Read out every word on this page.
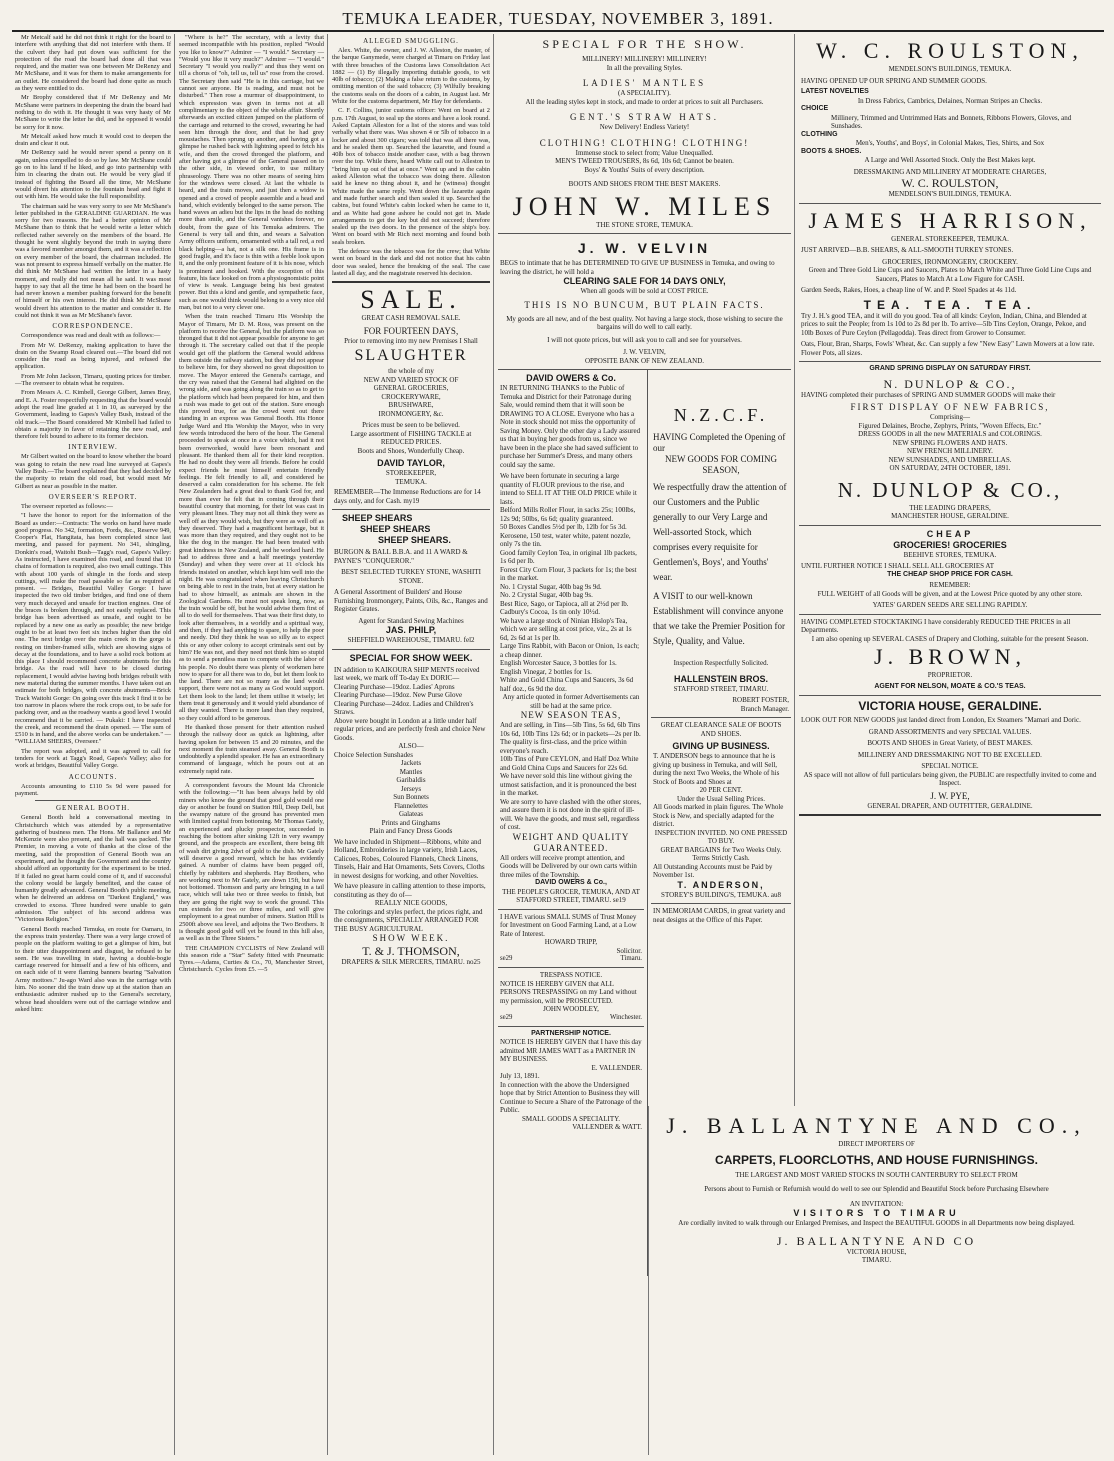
TEMUKA LEADER, TUESDAY, NOVEMBER 3, 1891.

Mr Metcalf said he did not think it right for the board to interfere with anything that did not interfere with them. If the culvert they had put down was sufficient for the protection of the road the board had done all that was required, and the matter was one between Mr DeRenzy and Mr McShane, and it was for them to make arrangements for an outlet. He considered the board had done quite as much as they were entitled to do.

Mr Brophy considered that if Mr DeRenzy and Mr McShane were partners in deepening the drain the board had nothing to do with it. He thought it was very hasty of Mr McShane to write the letter he did, and he opposed it would be sorry for it now.

Mr Metcalf asked how much it would cost to deepen the drain and clear it out.

Mr DeRenzy said he would never spend a penny on it again, unless compelled to do so by law. Mr McShane could go on to his land if he liked, and go into partnership with him in clearing the drain out. He would be very glad if instead of fighting the Board all the time, Mr McShane would divert his attention to the fountain head and fight it out with him. He would take the full responsibility.

The chairman said he was very sorry to see Mr McShane's letter published in the GERALDINE GUARDIAN. He was sorry for two reasons. He had a better opinion of Mr McShane than to think that he would write a letter which reflected rather severely on the members of the board. He thought he went slightly beyond the truth in saying there was a favored member amongst them, and it was a reflection on every member of the board, the chairman included. He was not present to express himself verbally on the matter. He did think Mr McShane had written the letter in a hasty moment, and really did not mean all he said. It was most happy to say that all the time he had been on the board he had never known a member pushing forward for the benefit of himself or his own interest. He did think Mr McShane would divert his attention to the matter and consider it. He could not think it was as Mr McShane's favor.

CORRESPONDENCE.

Correspondence was read and dealt with as follows:—

From Mr W. DeRenzy, making application to have the drain on the Swamp Road cleared out.—The board did not consider the road as being injured, and refused the application.

From Mr John Jackson, Timaru, quoting prices for timber.—The overseer to obtain what he requires.

From Messrs A. C. Kimbell, George Gilbert, James Bray, and E. A. Foster respectfully requesting that the board would adopt the road line graded at 1 in 10, as surveyed by the Government, leading to Gapes's Valley Bush, instead of the old track.—The Board considered Mr Kimbell had failed to obtain a majority in favor of retaining the new road, and therefore felt bound to adhere to its former decision.

INTERVIEW.

Mr Gilbert waited on the board to know whether the board was going to retain the new road line surveyed at Gapes's Valley Bush.—The board explained that they had decided by the majority to retain the old road, but would meet Mr Gilbert as near as possible in the matter.

OVERSEER'S REPORT.

The overseer reported as follows:—

"I have the honor to report for the information of the Board as under:—Contracts: The works on hand have made good progress. No 342, formation, Fords, &c., Reserve 949, Cooper's Flat, Hangitata, has been completed since last meeting, and passed for payment. No 341, shingling, Donkin's road, Waitohi Bush—Tagg's road, Gapes's Valley: As instructed, I have examined this road, and found that 10 chains of formation is required, also two small cuttings. This with about 100 yards of shingle in the fords and steep cuttings, will make the road passable so far as required at present. — Bridges, Beautiful Valley Gorge: I have inspected the two old timber bridges, and find one of them very much decayed and unsafe for traction engines. One of the braces is broken through, and not easily replaced. This bridge has been advertised as unsafe, and ought to be replaced by a new one as early as possible; the new bridge ought to be at least two feet six inches higher than the old one. The next bridge over the main creek in the gorge is resting on timber-framed sills, which are showing signs of decay at the foundations, and to have a solid rock bottom at this place I should recommend concrete abutments for this bridge. As the road will have to be closed during replacement, I would advise having both bridges rebuilt with new material during the summer months. I have taken out an estimate for both bridges, with concrete abutments—Brick Track Waitohi Gorge: On going over this track I find it to be too narrow in places where the rock crops out, to be safe for packing over, and as the roadway wants a good level I would recommend that it be carried. — Pukaki: I have inspected the creek, and recommend the drain opened. — The sum of £510 is in hand, and the above works can be undertaken." — "WILLIAM SHEERS, Overseer."

The report was adopted, and it was agreed to call for tenders for work at Tagg's Road, Gapes's Valley; also for work at bridges, Beautiful Valley Gorge.

ACCOUNTS.

Accounts amounting to £110 5s 9d were passed for payment.

GENERAL BOOTH.

General Booth held a conversational meeting in Christchurch which was attended by a representative gathering of business men. The Hons. Mr Ballance and Mr McKenzie were also present, and the hall was packed. The Premier, in moving a vote of thanks at the close of the meeting, said the proposition of General Booth was an experiment, and he thought the Government and the country should afford an opportunity for the experiment to be tried. If it failed no great harm could come of it, and if successful the colony would be largely benefited, and the cause of humanity greatly advanced. General Booth's public meeting, when he delivered an address on "Darkest England," was crowded to excess. Three hundred were unable to gain admission. The subject of his second address was "Victorious Religion."

General Booth reached Temuka, en route for Oamaru, in the express train yesterday. There was a very large crowd of people on the platform waiting to get a glimpse of him, but to their utter disappointment and disgust, he refused to be seen. He was travelling in state, having a double-bogie carriage reserved for himself and a few of his officers, and on each side of it were flaming banners bearing "Salvation Army mottoes." Ju-ago Ward also was in the carriage with him. No sooner did the train draw up at the station than an enthusiastic admirer rushed up to the General's secretary, whose head shoulders were out of the carriage window and asked him:

"Where is he?" The secretary, with a levity that seemed incompatible with his position, replied "Would you like to know?" Admirer — "I would." Secretary — "Would you like it very much?" Admirer — "I would." Secretary "I would you really?" and thus they went on till a chorus of "oh, tell us, tell us" rose from the crowd. The Secretary then said "He is in this carriage, but we cannot see anyone. He is reading, and must not be disturbed." Then rose a murmur of disappointment, to which expression was given in terms not at all complimentary to the object of the whole affair. Shortly afterwards an excited citizen jumped on the platform of the carriage and returned to the crowd, swearing he had seen him through the door, and that he had grey moustaches. Then sprung up another, and having got a glimpse he rushed back with lightning speed to fetch his wife, and then the crowd thronged the platform, and after having got a glimpse of the General passed on to the other side, in viewed order, to use military phraseology. There was no other means of seeing him for the windows were closed. At last the whistle is heard, and the train moves, and just then a widow is opened and a crowd of people assemble and a head and hand, which evidently belonged to the same person. The hand waves an adieu but the lips in the head do nothing more than smile, and the General vanishes forever, no doubt, from the gaze of his Temuka admirers. The General is very tall and thin, and wears a Salvation Army officers uniform, ornamented with a tall red, a red black helping—a hat, not a silk one. His frame is in good fragile, and it's face is thin with a feeble look upon it, and the only prominent feature of it is his nose, which is prominent and hooked. With the exception of this feature, his face looked on from a physiognomistic point of view is weak. Language being his best greatest power. But this a kind and gentle, and sympathetic face, such as one would think would belong to a very nice old man, but not to a very clever one.

When the train reached Timaru His Worship the Mayor of Timaru, Mr D. M. Ross, was present on the platform to receive the General, but the platform was so thronged that it did not appear possible for anyone to get through it. The secretary called out that if the people would get off the platform the General would address them outside the railway station, but they did not appear to believe him, for they showed no great disposition to move. The Mayor entered the General's carriage, and the cry was raised that the General had alighted on the wrong side, and was going along the train so as to get to the platform which had been prepared for him, and then a rush was made to get out of the station. Sure enough this proved true, for as the crowd went out there standing in an express was General Booth. His Honor Judge Ward and His Worship the Mayor, who in very few words introduced the hero of the hour. The General proceeded to speak at once in a voice which, had it not been overworked, would have been resonant and pleasant. He thanked them all for their kind reception. He had no doubt they were all friends. Before he could expect friends he must himself entertain friendly feelings. He felt friendly to all, and considered he deserved a calm consideration for his scheme. He felt New Zealanders had a great deal to thank God for, and more than ever he felt that in coming through their beautiful country that morning, for their lot was cast in very pleasant lines. They may not all think they were as well off as they would wish, but they were as well off as they deserved. They had a magnificent heritage, but it was more than they required, and they ought not to be like the dog in the manger. He had been treated with great kindness in New Zealand, and he worked hard. He had to address three and a half meetings yesterday (Sunday) and when they were over at 11 o'clock his friends insisted on another, which kept him well into the night. He was congratulated when leaving Christchurch on being able to rest in the train, but at every station he had to show himself, as animals are shown in the Zoological Gardens. He must not speak long, now, as the train would be off, but he would advise them first of all to do well for themselves. That was their first duty, to look after themselves, in a worldly and a spiritual way, and then, if they had anything to spare, to help the poor and needy. Did they think he was so silly as to expect this or any other colony to accept criminals sent out by him? He was not, and they need not think him so stupid as to send a penniless man to compete with the labor of his people. No doubt there was plenty of workmen here now to spare for all there was to do, but let them look to the land. There are not so many as the land would support, there were not as many as God would support. Let them look to the land; let them utilise it wisely; let them treat it generously and it would yield abundance of all they wanted. There is more land than they required, so they could afford to be generous.

He thanked those present for their attention rushed through the railway door as quick as lightning, after having spoken for between 15 and 20 minutes, and the next moment the train steamed away. General Booth is undoubtedly a splendid speaker. He has an extraordinary command of language, which he pours out at an extremely rapid rate.

A correspondent favours the Mount Ida Chronicle with the following:—"It has been always held by old miners who know the ground that good gold would one day or another be found on Station Hill, Deep Dell, but the swampy nature of the ground has prevented men with limited capital from bottoming. Mr Thomas Gately, an experienced and plucky prospector, succeeded in reaching the bottom after sinking 12ft in very swampy ground, and the prospects are excellent, there being 8ft of wash dirt giving 2dwt of gold to the dish. Mr Gately will deserve a good reward, which he has evidently gained. A number of claims have been pegged off, chiefly by rabbiters and shepherds. Hay Brothers, who are working next to Mr Gately, are down 15ft, but have not bottomed. Thomson and party are bringing in a tail race, which will take two or three weeks to finish, but they are going the right way to work the ground. This run extends for two or three miles, and will give employment to a great number of miners. Station Hill is 2500ft above sea level, and adjoins the Two Brothers. It is thought good gold will yet be found in this hill also, as well as in the Three Sisters."

THE CHAMPION CYCLISTS of New Zealand will this season ride a "Star" Safety fitted with Pneumatic Tyres.—Adams, Curties & Co., 70, Manchester Street, Christchurch. Cycles from £5. —5

ALLEGED SMUGGLING.

Alex. White, the owner, and J. W. Alleston, the master, of the barque Ganymede, were charged at Timaru on Friday last with three breaches of the Customs laws Consolidation Act 1882 — (1) By illegally importing dutiable goods, to wit 40lb of tobacco; (2) Making a false return to the customs, by omitting mention of the said tobacco; (3) Wilfully breaking the customs seals on the doors of a cabin, in August last. Mr White for the customs department, Mr Hay for defendants.

C. F. Collins, junior customs officer: Went on board at 2 p.m. 17th August, to seal up the stores and have a look round. Asked Captain Alleston for a list of the stores and was told verbally what there was. Was shown 4 or 5lb of tobacco in a locker and about 300 cigars; was told that was all there was, and he sealed them up. Searched the lazarette, and found a 40lb box of tobacco inside another case, with a bag thrown over the top. While there, heard White call out to Alleston to "bring him up out of that at once." Went up and in the cabin asked Alleston what the tobacco was doing there. Alleston said he knew no thing about it, and he (witness) thought White made the same reply. Went down the lazarette again and made further search and then sealed it up. Searched the cabins, but found White's cabin locked when he came to it, and as White had gone ashore he could not get in. Made arrangements to get the key but did not succeed; therefore sealed up the two doors. In the presence of the ship's boy. Went on board with Mr Rich next morning and found both seals broken.

The defence was the tobacco was for the crew; that White went on board in the dark and did not notice that his cabin door was sealed, hence the breaking of the seal. The case lasted all day, and the magistrate reserved his decision.

SALE.
GREAT CASH REMOVAL SALE.
FOR FOURTEEN DAYS,
Prior to removing into my new Premises I Shall
SLAUGHTER
the whole of my
NEW AND VARIED STOCK OF
GENERAL GROCERIES,
CROCKERYWARE,
BRUSHWARE,
IRONMONGERY, &c.
Prices must be seen to be believed.
Large assortment of FISHING TACKLE at REDUCED PRICES.
Boots and Shoes, Wonderfully Cheap.
DAVID TAYLOR,
STOREKEEPER,
TEMUKA.
REMEMBER—The Immense Reductions are for 14 days only, and for Cash. my19
SHEEP SHEARS
SHEEP SHEARS
SHEEP SHEARS.
BURGON & BALL B.B.A. and 11 A WARD & PAYNE'S "CONQUEROR."
BEST SELECTED TURKEY STONE, WASHITI STONE.
A General Assortment of Builders' and House Furnishing Ironmongery, Paints, Oils, &c., Ranges and Register Grates.
Agent for Standard Sewing Machines
JAS. PHILP,
SHEFFIELD WAREHOUSE, TIMARU. fel2
SPECIAL FOR SHOW WEEK.
IN addition to KAIKOURA SHIP MENTS received last week, we mark off To-day Ex DORIC—
Clearing Purchase—19doz. Ladies' Aprons
Clearing Purchase—19doz. New Purse Glove
Clearing Purchase—24doz. Ladies and Children's Straws.
Above were bought in London at a little under half regular prices, and are perfectly fresh and choice New Goods.
ALSO—
Choice Selection Sunshades
Jackets
Mantles
Garibaldis
Jerseys
Sun Bonnets
Flannelettes
Galateas
Prints and Ginghams
Plain and Fancy Dress Goods
We have included in Shipment—Ribbons, white and Holland, Embroideries in large variety, Irish Laces, Calicoes, Robes, Coloured Flannels, Check Linens, Tinsels, Hair and Hat Ornaments, Sets Covers, Cloths in newest designs for working, and other Novelties.
We have pleasure in calling attention to these imports, constituting as they do of—
REALLY NICE GOODS,
The colorings and styles perfect, the prices right, and the consignments, SPECIALLY ARRANGED FOR THE BUSY AGRICULTURAL
SHOW WEEK.
T. & J. THOMSON,
DRAPERS & SILK MERCERS, TIMARU. no25
SPECIAL FOR THE SHOW.
MILLINERY! MILLINERY! MILLINERY!
In all the prevailing Styles.
LADIES' MANTLES
(A SPECIALITY).
All the leading styles kept in stock, and made to order at prices to suit all Purchasers.
GENT.'S STRAW HATS.
New Delivery! Endless Variety!
CLOTHING! CLOTHING! CLOTHING!
Immense stock to select from; Value Unequalled.
MEN'S TWEED TROUSERS, 8s 6d, 10s 6d; Cannot be beaten.
Boys' & Youths' Suits of every description.
BOOTS AND SHOES FROM THE BEST MAKERS.
JOHN W. MILES
THE STONE STORE, TEMUKA.
J. W. VELVIN
BEGS to intimate that he has DETERMINED TO GIVE UP BUSINESS in Temuka, and owing to leaving the district, he will hold a
CLEARING SALE FOR 14 DAYS ONLY,
When all goods will be sold at COST PRICE.
THIS IS NO BUNCUM, BUT PLAIN FACTS.
My goods are all new, and of the best quality. Not having a large stock, those wishing to secure the bargains will do well to call early.
I will not quote prices, but will ask you to call and see for yourselves.
J. W. VELVIN,
OPPOSITE BANK OF NEW ZEALAND.
DAVID OWERS & Co.
IN RETURNING THANKS to the Public of Temuka and District for their Patronage during Sale, would remind them that it will soon be DRAWING TO A CLOSE. Everyone who has a Note in stock should not miss the opportunity of Saving Money. Only the other day a Lady assured us that in buying her goods from us, since we have been in the place she had saved sufficient to purchase her Summer's Dress, and many others could say the same.
We have been fortunate in securing a large quantity of FLOUR previous to the rise, and intend to SELL IT AT THE OLD PRICE while it lasts.
Belford Mills Roller Flour, in sacks 25s; 100lbs, 12s 9d; 50lbs, 6s 6d; quality guaranteed.
50 Boxes Candles 5½d per lb, 12lb for 5s 3d.
Kerosene, 150 test, water white, patent nozzle, only 7s the tin.
Good family Ceylon Tea, in original 1lb packets, 1s 6d per lb.
Forest City Corn Flour, 3 packets for 1s; the best in the market.
No. 1 Crystal Sugar, 40lb bag 9s 9d.
No. 2 Crystal Sugar, 40lb bag 9s.
Best Rice, Sago, or Tapioca, all at 2½d per lb.
Cadbury's Cocoa, 1s tin only 10½d.
We have a large stock of Ninian Hislop's Tea, which we are selling at cost price, viz., 2s at 1s 6d, 2s 6d at 1s per lb.
Large Tins Rabbit, with Bacon or Onion, 1s each; a cheap dinner.
English Worcester Sauce, 3 bottles for 1s.
English Vinegar, 2 bottles for 1s.
White and Gold China Cups and Saucers, 3s 6d half doz., 6s 9d the doz.
Any article quoted in former Advertisements can still be had at the same price.
NEW SEASON TEAS,
And are selling, in Tins—5lb Tins, 5s 6d, 6lb Tins 10s 6d, 10lb Tins 12s 6d; or in packets—2s per lb.
The quality is first-class, and the price within everyone's reach.
10lb Tins of Pure CEYLON, and Half Doz White and Gold China Cups and Saucers for 22s 6d.
We have never sold this line without giving the utmost satisfaction, and it is pronounced the best in the market.
We are sorry to have clashed with the other stores, and assure them it is not done in the spirit of ill-will. We have the goods, and must sell, regardless of cost.
WEIGHT AND QUALITY GUARANTEED.
All orders will receive prompt attention, and Goods will be Delivered by our own carts within three miles of the Township.
DAVID OWERS & Co.,
THE PEOPLE'S GROCER, TEMUKA, AND AT STAFFORD STREET, TIMARU. se19
I HAVE various SMALL SUMS of Trust Money for Investment on Good Farming Land, at a Low Rate of Interest.
HOWARD TRIPP,
Solicitor.
se29	Timaru.
TRESPASS NOTICE.
NOTICE IS HEREBY GIVEN that ALL PERSONS TRESPASSING on my Land without my permission, will be PROSECUTED.
JOHN WOODLEY,
se29	Winchester.
PARTNERSHIP NOTICE.
NOTICE IS HEREBY GIVEN that I have this day admitted MR JAMES WATT as a PARTNER IN MY BUSINESS.
E. VALLENDER.
July 13, 1891.
In connection with the above the Undersigned hope that by Strict Attention to Business they will Continue to Secure a Share of the Patronage of the Public.
SMALL GOODS A SPECIALITY.
VALLENDER & WATT.
N.Z.C.F.
HAVING Completed the Opening of our
NEW GOODS FOR COMING SEASON,
We respectfully draw the attention of our Customers and the Public generally to our Very Large and Well-assorted Stock, which comprises every requisite for Gentlemen's, Boys', and Youths' wear.
A VISIT to our well-known Establishment will convince anyone that we take the Premier Position for Style, Quality, and Value.
Inspection Respectfully Solicited.
HALLENSTEIN BROS.
STAFFORD STREET, TIMARU.
ROBERT FOSTER,
Branch Manager.
GREAT CLEARANCE SALE OF BOOTS AND SHOES.
GIVING UP BUSINESS.
T. ANDERSON begs to announce that he is giving up business in Temuka, and will Sell, during the next Two Weeks, the Whole of his Stock of Boots and Shoes at
20 PER CENT.
Under the Usual Selling Prices.
All Goods marked in plain figures. The Whole Stock is New, and specially adapted for the district.
INSPECTION INVITED. NO ONE PRESSED TO BUY.
GREAT BARGAINS for Two Weeks Only.
Terms Strictly Cash.
All Outstanding Accounts must be Paid by November 1st.
T. ANDERSON,
STOREY'S BUILDING'S, TEMUKA. au8
IN MEMORIAM CARDS, in great variety and neat designs at the Office of this Paper.
W. C. ROULSTON,
MENDELSON'S BUILDINGS, TEMUKA.
HAVING OPENED UP OUR SPRING AND SUMMER GOODS.
LATEST NOVELTIES
In Dress Fabrics, Cambrics, Delaines, Norman Stripes an Checks.
CHOICE
Millinery, Trimmed and Untrimmed Hats and Bonnets, Ribbons Flowers, Gloves, and Sunshades.
CLOTHING
Men's, Youths', and Boys', in Colonial Makes, Ties, Shirts, and Sox
BOOTS & SHOES.
A Large and Well Assorted Stock. Only the Best Makes kept.
DRESSMAKING AND MILLINERY AT MODERATE CHARGES,
W. C. ROULSTON,
MENDELSON'S BUILDINGS, TEMUKA.
JAMES HARRISON,
GENERAL STOREKEEPER, TEMUKA.
JUST ARRIVED—B.B. SHEARS, & ALL-SMOOTH TURKEY STONES.
GROCERIES, IRONMONGERY, CROCKERY.
Green and Three Gold Line Cups and Saucers, Plates to Match White and Three Gold Line Cups and Saucers, Plates to Match At a Low Figure for CASH.
Garden Seeds, Rakes, Hoes, a cheap line of W. and P. Steel Spades at 4s 11d.
TEA. TEA. TEA.
Try J. H.'s good TEA, and it will do you good. Tea of all kinds: Ceylon, Indian, China, and Blended at prices to suit the People; from 1s 10d to 2s 8d per lb. To arrive—5lb Tins Ceylon, Orange, Pekoe, and 10lb Boxes of Pure Ceylon (Pellagodda). Teas direct from Grower to Consumer.
Oats, Flour, Bran, Sharps, Fowls' Wheat, &c. Can supply a few "New Easy" Lawn Mowers at a low rate. Flower Pots, all sizes.
GRAND SPRING DISPLAY ON SATURDAY FIRST.
N. DUNLOP & CO.,
HAVING completed their purchases of SPRING AND SUMMER GOODS will make their
FIRST DISPLAY OF NEW FABRICS,
Comprising—
Figured Delaines, Broche, Zephyrs, Prints, "Woven Effects, Etc."
DRESS GOODS in all the new MATERIALS and COLORINGS.
NEW SPRING FLOWERS AND HATS.
NEW FRENCH MILLINERY.
NEW SUNSHADES, AND UMBRELLAS.
ON SATURDAY, 24TH OCTOBER, 1891.
N. DUNLOP & CO.,
THE LEADING DRAPERS,
MANCHESTER HOUSE, GERALDINE.
CHEAP
GROCERIES! GROCERIES
BEEHIVE STORES, TEMUKA.
UNTIL FURTHER NOTICE I SHALL SELL ALL GROCERIES AT
THE CHEAP SHOP PRICE FOR CASH.
REMEMBER:
FULL WEIGHT of all Goods will be given, and at the Lowest Price quoted by any other store.
YATES' GARDEN SEEDS ARE SELLING RAPIDLY.
HAVING COMPLETED STOCKTAKING I have considerably REDUCED THE PRICES in all Departments.
I am also opening up SEVERAL CASES of Drapery and Clothing, suitable for the present Season.
J. BROWN,
PROPRIETOR.
AGENT FOR NELSON, MOATE & CO.'S TEAS.
VICTORIA HOUSE, GERALDINE.
LOOK OUT FOR NEW GOODS just landed direct from London, Ex Steamers "Mamari and Doric.
GRAND ASSORTMENTS and very SPECIAL VALUES.
BOOTS AND SHOES in Great Variety, of BEST MAKES.
MILLINERY AND DRESSMAKING NOT TO BE EXCELLED.
SPECIAL NOTICE.
AS space will not allow of full particulars being given, the PUBLIC are respectfully invited to come and Inspect.
J. W. PYE,
GENERAL DRAPER, AND OUTFITTER, GERALDINE.
J. BALLANTYNE AND CO.,
DIRECT IMPORTERS OF
CARPETS, FLOORCLOTHS, AND HOUSE FURNISHINGS.
THE LARGEST AND MOST VARIED STOCKS IN SOUTH CANTERBURY TO SELECT FROM
Persons about to Furnish or Refurnish would do well to see our Splendid and Beautiful Stock before Purchasing Elsewhere
AN INVITATION:
VISITORS TO TIMARU
Are cordially invited to walk through our Enlarged Premises, and Inspect the BEAUTIFUL GOODS in all Departments now being displayed.
J. BALLANTYNE AND CO
VICTORIA HOUSE,
TIMARU.
